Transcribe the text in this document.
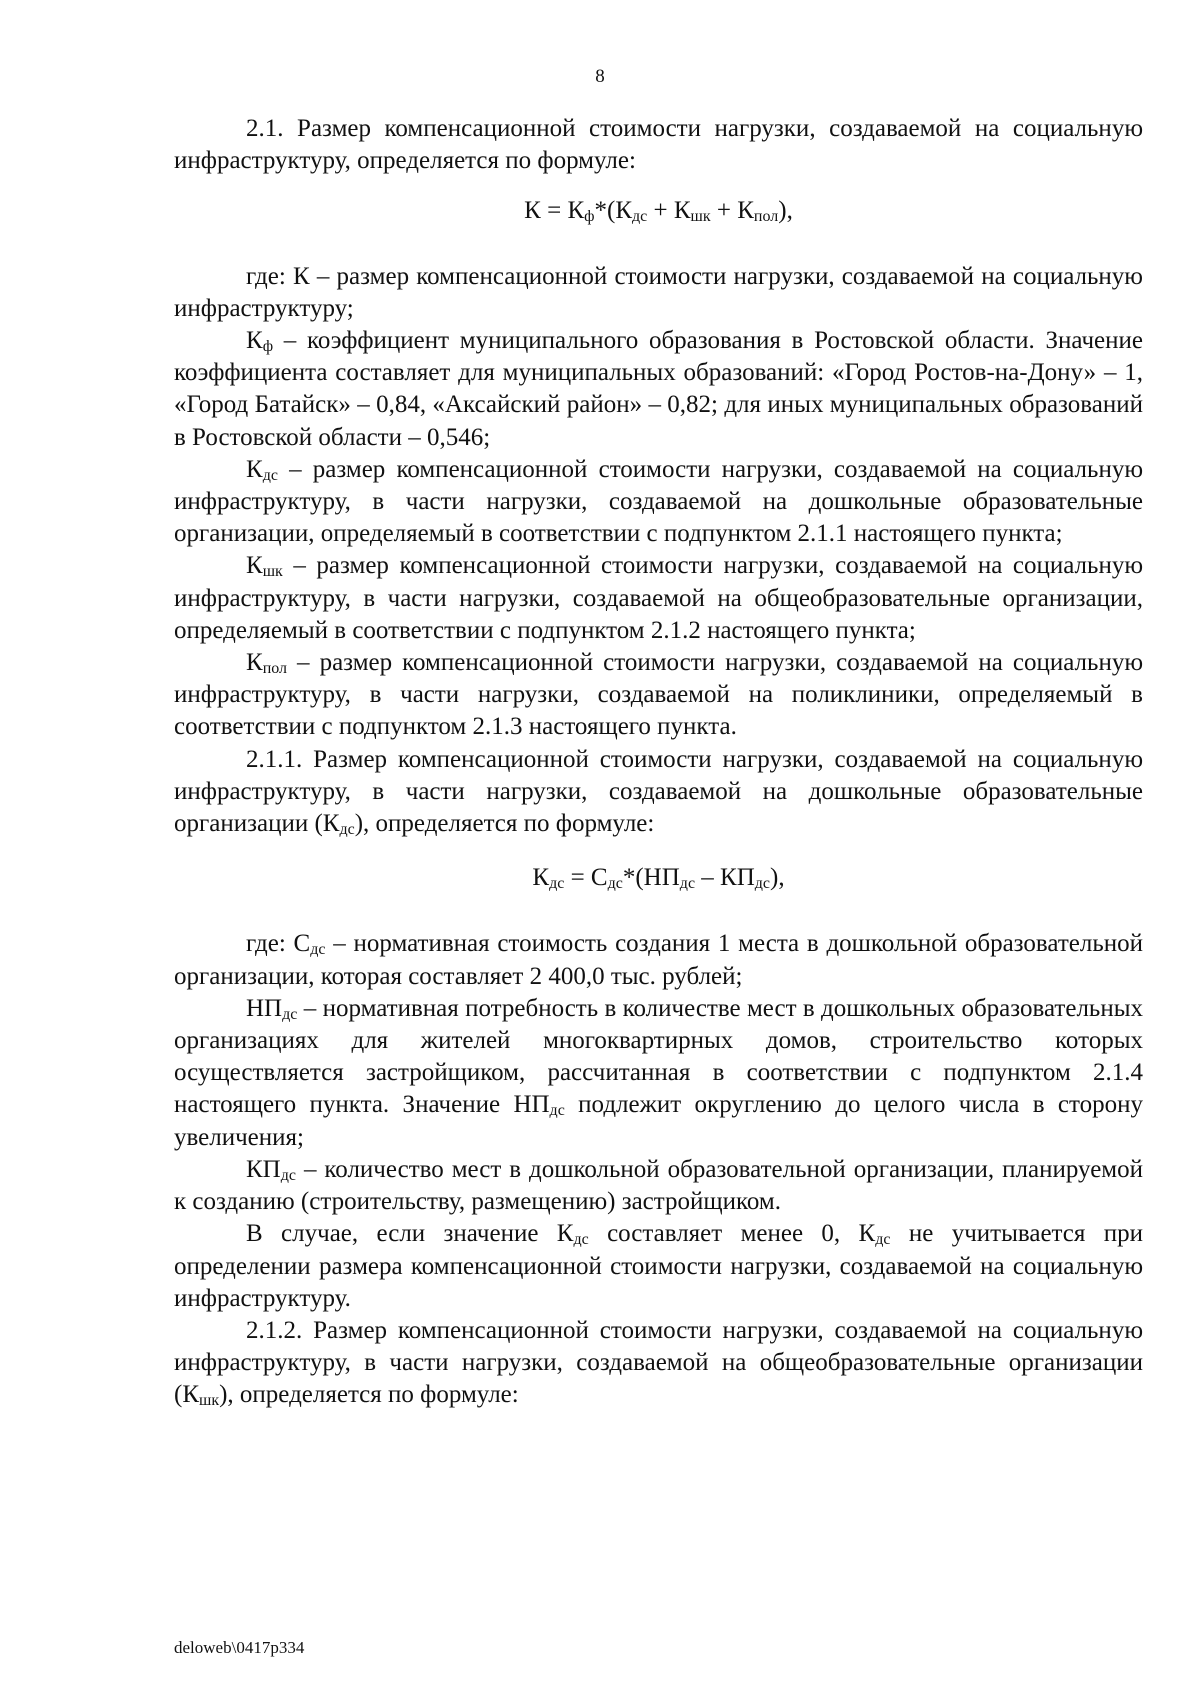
8

2.1. Размер компенсационной стоимости нагрузки, создаваемой на социальную инфраструктуру, определяется по формуле:

К = Кф*(Кдс + Кшк + Кпол),

где: К – размер компенсационной стоимости нагрузки, создаваемой на социальную инфраструктуру;

Кф – коэффициент муниципального образования в Ростовской области. Значение коэффициента составляет для муниципальных образований: «Город Ростов-на-Дону» – 1, «Город Батайск» – 0,84, «Аксайский район» – 0,82; для иных муниципальных образований в Ростовской области – 0,546;

Кдс – размер компенсационной стоимости нагрузки, создаваемой на социальную инфраструктуру, в части нагрузки, создаваемой на дошкольные образовательные организации, определяемый в соответствии с подпунктом 2.1.1 настоящего пункта;

Кшк – размер компенсационной стоимости нагрузки, создаваемой на социальную инфраструктуру, в части нагрузки, создаваемой на общеобразовательные организации, определяемый в соответствии с подпунктом 2.1.2 настоящего пункта;

Кпол – размер компенсационной стоимости нагрузки, создаваемой на социальную инфраструктуру, в части нагрузки, создаваемой на поликлиники, определяемый в соответствии с подпунктом 2.1.3 настоящего пункта.

2.1.1. Размер компенсационной стоимости нагрузки, создаваемой на социальную инфраструктуру, в части нагрузки, создаваемой на дошкольные образовательные организации (Кдс), определяется по формуле:

Кдс = Сдс*(НПдс – КПдс),

где: Сдс – нормативная стоимость создания 1 места в дошкольной образовательной организации, которая составляет 2 400,0 тыс. рублей;

НПдс – нормативная потребность в количестве мест в дошкольных образовательных организациях для жителей многоквартирных домов, строительство которых осуществляется застройщиком, рассчитанная в соответствии с подпунктом 2.1.4 настоящего пункта. Значение НПдс подлежит округлению до целого числа в сторону увеличения;

КПдс – количество мест в дошкольной образовательной организации, планируемой к созданию (строительству, размещению) застройщиком.

В случае, если значение Кдс составляет менее 0, Кдс не учитывается при определении размера компенсационной стоимости нагрузки, создаваемой на социальную инфраструктуру.

2.1.2. Размер компенсационной стоимости нагрузки, создаваемой на социальную инфраструктуру, в части нагрузки, создаваемой на общеобразовательные организации (Кшк), определяется по формуле:

deloweb\0417p334
